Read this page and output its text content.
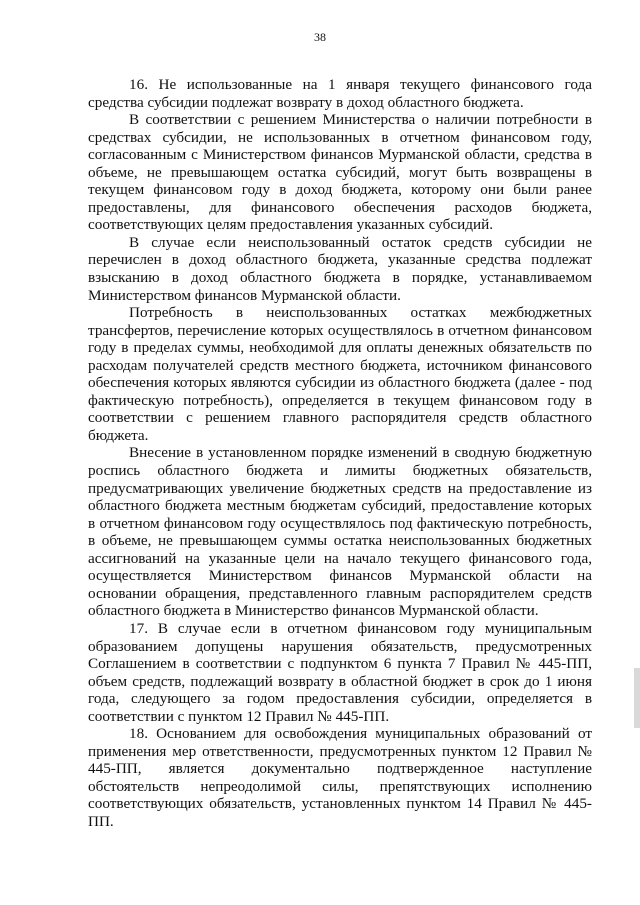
38

16. Не использованные на 1 января текущего финансового года средства субсидии подлежат возврату в доход областного бюджета.

В соответствии с решением Министерства о наличии потребности в средствах субсидии, не использованных в отчетном финансовом году, согласованным с Министерством финансов Мурманской области, средства в объеме, не превышающем остатка субсидий, могут быть возвращены в текущем финансовом году в доход бюджета, которому они были ранее предоставлены, для финансового обеспечения расходов бюджета, соответствующих целям предоставления указанных субсидий.

В случае если неиспользованный остаток средств субсидии не перечислен в доход областного бюджета, указанные средства подлежат взысканию в доход областного бюджета в порядке, устанавливаемом Министерством финансов Мурманской области.

Потребность в неиспользованных остатках межбюджетных трансфертов, перечисление которых осуществлялось в отчетном финансовом году в пределах суммы, необходимой для оплаты денежных обязательств по расходам получателей средств местного бюджета, источником финансового обеспечения которых являются субсидии из областного бюджета (далее - под фактическую потребность), определяется в текущем финансовом году в соответствии с решением главного распорядителя средств областного бюджета.

Внесение в установленном порядке изменений в сводную бюджетную роспись областного бюджета и лимиты бюджетных обязательств, предусматривающих увеличение бюджетных средств на предоставление из областного бюджета местным бюджетам субсидий, предоставление которых в отчетном финансовом году осуществлялось под фактическую потребность, в объеме, не превышающем суммы остатка неиспользованных бюджетных ассигнований на указанные цели на начало текущего финансового года, осуществляется Министерством финансов Мурманской области на основании обращения, представленного главным распорядителем средств областного бюджета в Министерство финансов Мурманской области.

17. В случае если в отчетном финансовом году муниципальным образованием допущены нарушения обязательств, предусмотренных Соглашением в соответствии с подпунктом 6 пункта 7 Правил № 445-ПП, объем средств, подлежащий возврату в областной бюджет в срок до 1 июня года, следующего за годом предоставления субсидии, определяется в соответствии с пунктом 12 Правил № 445-ПП.

18. Основанием для освобождения муниципальных образований от применения мер ответственности, предусмотренных пунктом 12 Правил № 445-ПП, является документально подтвержденное наступление обстоятельств непреодолимой силы, препятствующих исполнению соответствующих обязательств, установленных пунктом 14 Правил № 445-ПП.
